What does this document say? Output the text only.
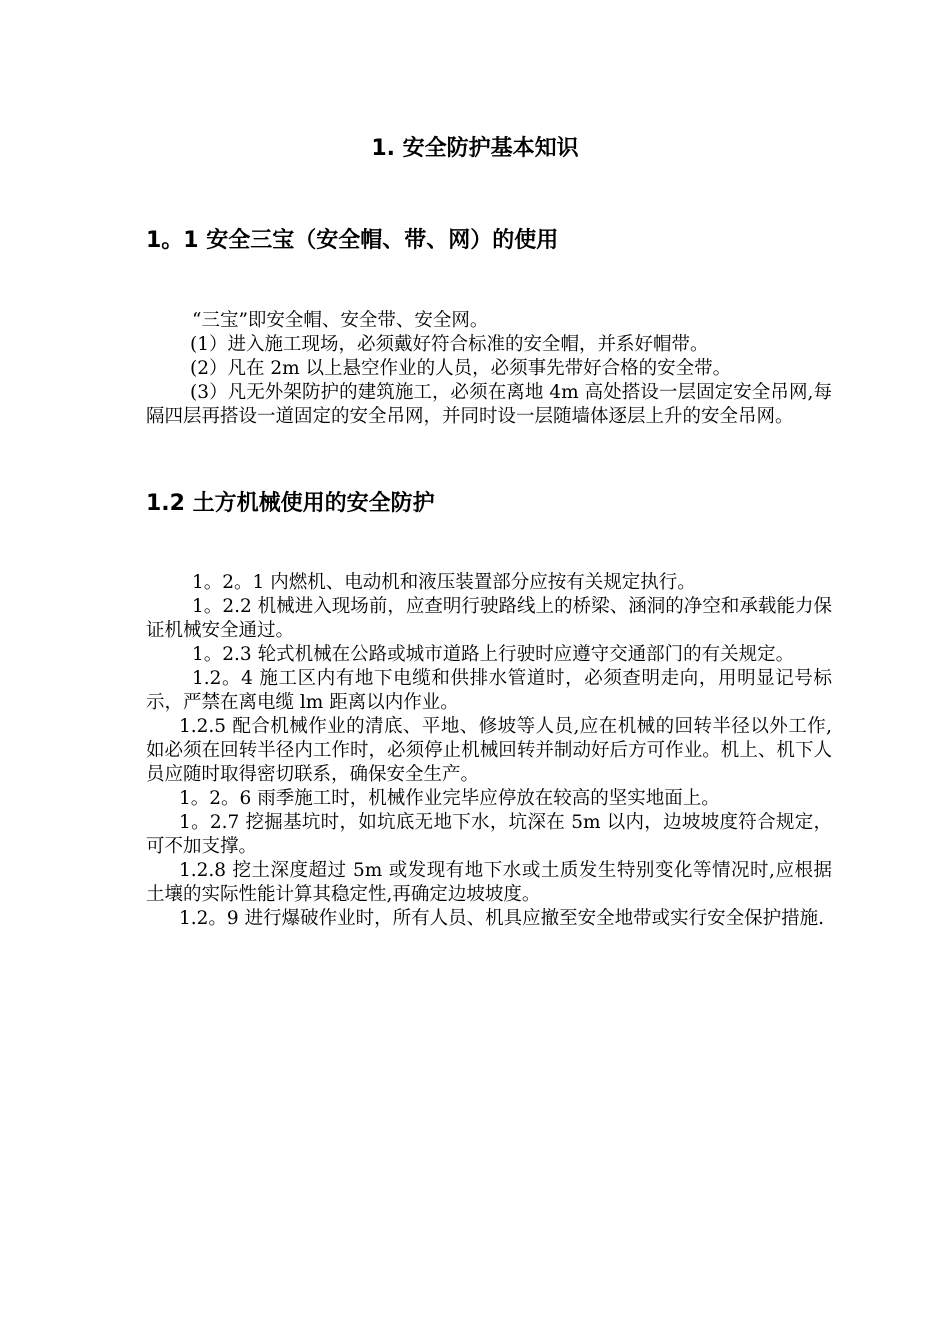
1. 安全防护基本知识
1。1 安全三宝（安全帽、带、网）的使用

“三宝”即安全帽、安全带、安全网。

(1）进入施工现场，必须戴好符合标准的安全帽，并系好帽带。

(2）凡在 2m 以上悬空作业的人员，必须事先带好合格的安全带。

(3）凡无外架防护的建筑施工，必须在离地 4m 高处搭设一层固定安全吊网,每隔四层再搭设一道固定的安全吊网，并同时设一层随墙体逐层上升的安全吊网。

1.2 土方机械使用的安全防护

1。2。1 内燃机、电动机和液压装置部分应按有关规定执行。

1。2.2 机械进入现场前，应查明行驶路线上的桥梁、涵洞的净空和承载能力保证机械安全通过。

1。2.3 轮式机械在公路或城市道路上行驶时应遵守交通部门的有关规定。

1.2。4 施工区内有地下电缆和供排水管道时，必须查明走向，用明显记号标示，严禁在离电缆 lm 距离以内作业。

1.2.5 配合机械作业的清底、平地、修坡等人员,应在机械的回转半径以外工作,如必须在回转半径内工作时，必须停止机械回转并制动好后方可作业。机上、机下人员应随时取得密切联系，确保安全生产。

1。2。6 雨季施工时，机械作业完毕应停放在较高的坚实地面上。

1。2.7 挖掘基坑时，如坑底无地下水，坑深在 5m 以内，边坡坡度符合规定，可不加支撑。

1.2.8 挖土深度超过 5m 或发现有地下水或土质发生特别变化等情况时,应根据土壤的实际性能计算其稳定性,再确定边坡坡度。

1.2。9 进行爆破作业时，所有人员、机具应撤至安全地带或实行安全保护措施.
